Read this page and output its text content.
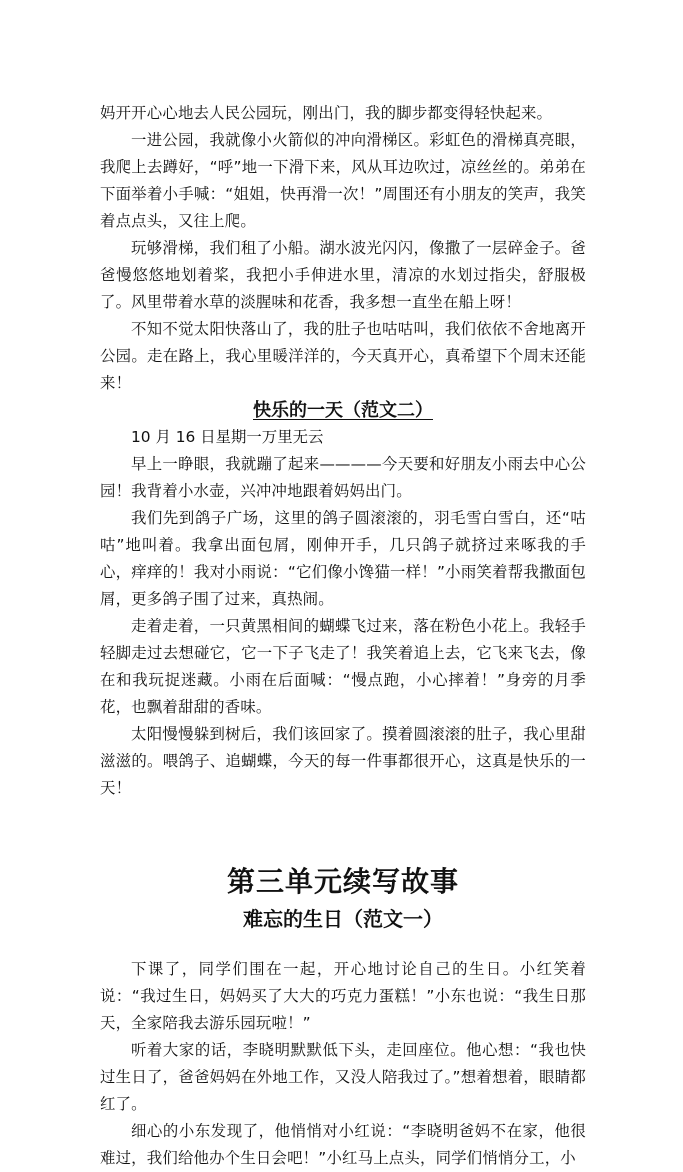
妈开开心心地去人民公园玩，刚出门，我的脚步都变得轻快起来。

一进公园，我就像小火箭似的冲向滑梯区。彩虹色的滑梯真亮眼，我爬上去蹲好，“呼”地一下滑下来，风从耳边吹过，凉丝丝的。弟弟在下面举着小手喊：“姐姐，快再滑一次！”周围还有小朋友的笑声，我笑着点点头，又往上爬。

玩够滑梯，我们租了小船。湖水波光闪闪，像撒了一层碎金子。爸爸慢悠悠地划着桨，我把小手伸进水里，清凉的水划过指尖，舒服极了。风里带着水草的淡腥味和花香，我多想一直坐在船上呀！

不知不觉太阳快落山了，我的肚子也咕咕叫，我们依依不舍地离开公园。走在路上，我心里暖洋洋的，今天真开心，真希望下个周末还能来！

快乐的一天（范文二）

10 月 16 日星期一万里无云

早上一睁眼，我就蹦了起来————今天要和好朋友小雨去中心公园！我背着小水壶，兴冲冲地跟着妈妈出门。

我们先到鸽子广场，这里的鸽子圆滚滚的，羽毛雪白雪白，还“咕咕”地叫着。我拿出面包屑，刚伸开手，几只鸽子就挤过来啄我的手心，痒痒的！我对小雨说：“它们像小馋猫一样！”小雨笑着帮我撒面包屑，更多鸽子围了过来，真热闹。

走着走着，一只黄黑相间的蝴蝶飞过来，落在粉色小花上。我轻手轻脚走过去想碰它，它一下子飞走了！我笑着追上去，它飞来飞去，像在和我玩捉迷藏。小雨在后面喊：“慢点跑，小心摔着！”身旁的月季花，也飘着甜甜的香味。

太阳慢慢躲到树后，我们该回家了。摸着圆滚滚的肚子，我心里甜滋滋的。喂鸽子、追蝴蝶，今天的每一件事都很开心，这真是快乐的一天！

第三单元续写故事
难忘的生日（范文一）

下课了，同学们围在一起，开心地讨论自己的生日。小红笑着说：“我过生日，妈妈买了大大的巧克力蛋糕！”小东也说：“我生日那天，全家陪我去游乐园玩啦！”

听着大家的话，李晓明默默低下头，走回座位。他心想：“我也快过生日了，爸爸妈妈在外地工作，又没人陪我过了。”想着想着，眼睛都红了。

细心的小东发现了，他悄悄对小红说：“李晓明爸妈不在家，他很难过，我们给他办个生日会吧！”小红马上点头，同学们悄悄分工，小
